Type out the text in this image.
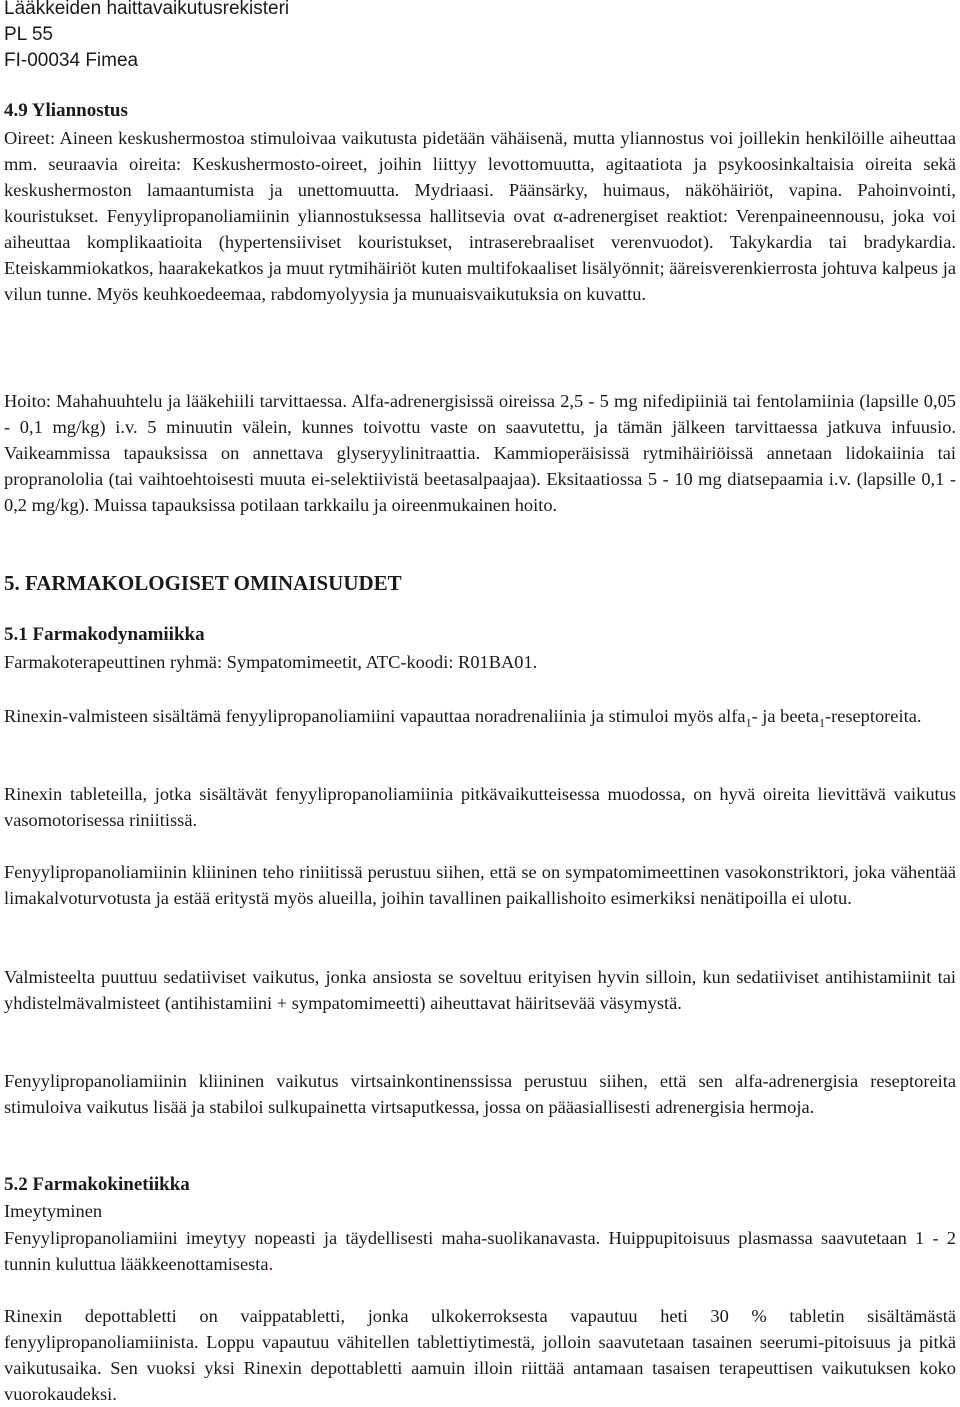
Lääkkeiden haittavaikutusrekisteri
PL 55
FI-00034 Fimea
4.9 Yliannostus
Oireet: Aineen keskushermostoa stimuloivaa vaikutusta pidetään vähäisenä, mutta yliannostus voi joillekin henkilöille aiheuttaa mm. seuraavia oireita: Keskushermosto-oireet, joihin liittyy levottomuutta, agitaatiota ja psykoosinkaltaisia oireita sekä keskushermoston lamaantumista ja unettomuutta. Mydriaasi. Päänsärky, huimaus, näköhäiriöt, vapina. Pahoinvointi, kouristukset. Fenyylipropanoliamiinin yliannostuksessa hallitsevia ovat α-adrenergiset reaktiot: Verenpaineennousu, joka voi aiheuttaa komplikaatioita (hypertensiiviset kouristukset, intraserebraaliset verenvuodot). Takykardia tai bradykardia. Eteiskammiokatkos, haarakekatkos ja muut rytmihäiriöt kuten multifokaaliset lisälyönnit; ääreisverenkierrosta johtuva kalpeus ja vilun tunne. Myös keuhkoedeemaa, rabdomyolyysia ja munuaisvaikutuksia on kuvattu.
Hoito: Mahahuuhtelu ja lääkehiili tarvittaessa. Alfa-adrenergisissä oireissa 2,5 - 5 mg nifedipiiniä tai fentolamiinia (lapsille 0,05 - 0,1 mg/kg) i.v. 5 minuutin välein, kunnes toivottu vaste on saavutettu, ja tämän jälkeen tarvittaessa jatkuva infuusio. Vaikeammissa tapauksissa on annettava glyseryylinitraattia. Kammioperäisissä rytmihäiriöissä annetaan lidokaiinia tai propranololia (tai vaihtoehtoisesti muuta ei-selektiivistä beetasalpaajaa). Eksitaatiossa 5 - 10 mg diatsepaamia i.v. (lapsille 0,1 - 0,2 mg/kg). Muissa tapauksissa potilaan tarkkailu ja oireenmukainen hoito.
5. FARMAKOLOGISET OMINAISUUDET
5.1 Farmakodynamiikka
Farmakoterapeuttinen ryhmä: Sympatomimeetit, ATC-koodi: R01BA01.
Rinexin-valmisteen sisältämä fenyylipropanoliamiini vapauttaa noradrenaliinia ja stimuloi myös alfa$_1$- ja beeta$_1$-reseptoreita.
Rinexin tableteilla, jotka sisältävät fenyylipropanoliamiinia pitkävaikutteisessa muodossa, on hyvä oireita lievittävä vaikutus vasomotorisessa riniitissä.
Fenyylipropanoliamiinin kliininen teho riniitissä perustuu siihen, että se on sympatomimeettinen vasokonstriktori, joka vähentää limakalvoturvotusta ja estää eritystä myös alueilla, joihin tavallinen paikallishoito esimerkiksi nenätipoilla ei ulotu.
Valmisteelta puuttuu sedatiiviset vaikutus, jonka ansiosta se soveltuu erityisen hyvin silloin, kun sedatiiviset antihistamiinit tai yhdistelmävalmisteet (antihistamiini + sympatomimeetti) aiheuttavat häiritsevää väsymystä.
Fenyylipropanoliamiinin kliininen vaikutus virtsainkontinenssissa perustuu siihen, että sen alfa-adrenergisia reseptoreita stimuloiva vaikutus lisää ja stabiloi sulkupainetta virtsaputkessa, jossa on pääasiallisesti adrenergisia hermoja.
5.2 Farmakokinetiikka
Imeytyminen
Fenyylipropanoliamiini imeytyy nopeasti ja täydellisesti maha-suolikanavasta. Huippupitoisuus plasmassa saavutetaan 1 - 2 tunnin kuluttua lääkkeenottamisesta.
Rinexin depottabletti on vaippatabletti, jonka ulkokerroksesta vapautuu heti 30 % tabletin sisältämästä fenyylipropanoliamiinista. Loppu vapautuu vähitellen tablettiytimestä, jolloin saavutetaan tasainen seerumi-pitoisuus ja pitkä vaikutusaika. Sen vuoksi yksi Rinexin depottabletti aamuin illoin riittää antamaan tasaisen terapeuttisen vaikutuksen koko vuorokaudeksi.
